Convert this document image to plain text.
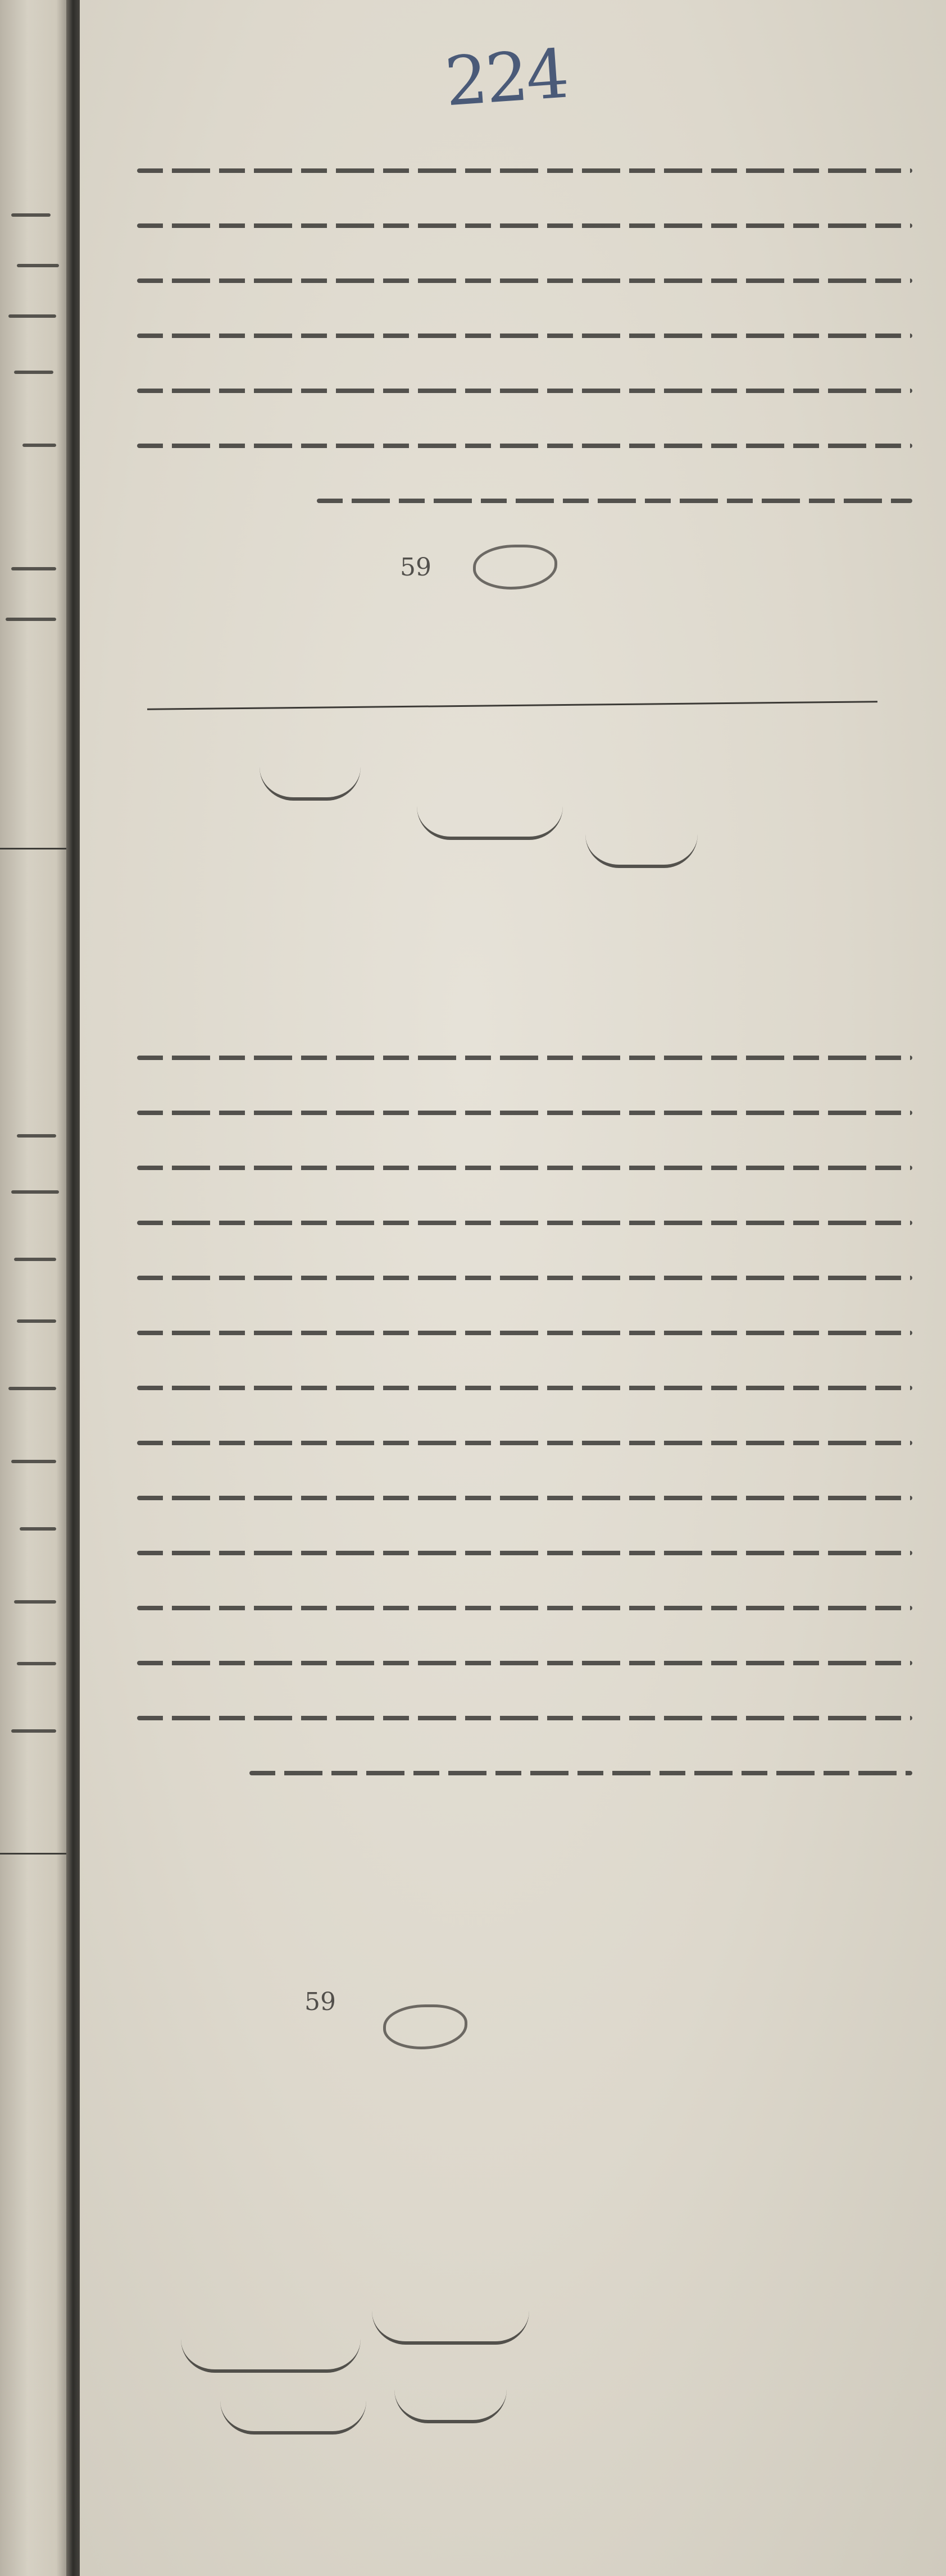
224
59
59
